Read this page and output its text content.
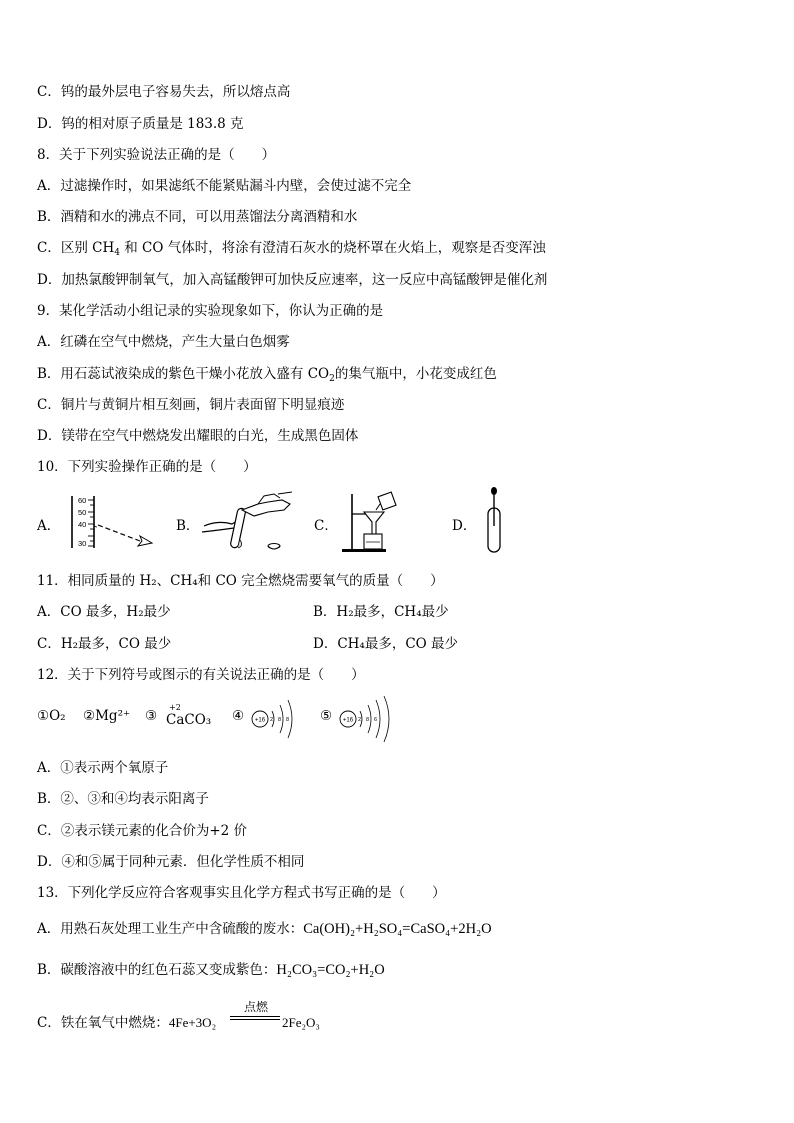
C．钨的最外层电子容易失去，所以熔点高
D．钨的相对原子质量是 183.8 克
8．关于下列实验说法正确的是（　　）
A．过滤操作时，如果滤纸不能紧贴漏斗内壁，会使过滤不完全
B．酒精和水的沸点不同，可以用蒸馏法分离酒精和水
C．区别 $CH_4$ 和 CO 气体时，将涂有澄清石灰水的烧杯罩在火焰上，观察是否变浑浊
D．加热氯酸钾制氧气，加入高锰酸钾可加快反应速率，这一反应中高锰酸钾是催化剂
9．某化学活动小组记录的实验现象如下，你认为正确的是
A．红磷在空气中燃烧，产生大量白色烟雾
B．用石蕊试液染成的紫色干燥小花放入盛有 $CO_2$的集气瓶中，小花变成红色
C．铜片与黄铜片相互刻画，铜片表面留下明显痕迹
D．镁带在空气中燃烧发出耀眼的白光，生成黑色固体
10．下列实验操作正确的是（　　）
A．
60
50
40
30
B．	C．	D．
11．相同质量的 H₂、CH₄和 CO 完全燃烧需要氧气的质量（　　）
A．CO 最多，H₂最少	B．H₂最多，CH₄最少
C．H₂最多，CO 最少	D．CH₄最多，CO 最少
12．关于下列符号或图示的有关说法正确的是（　　）
①O₂ ②Mg²⁺ ③
+2
CaCO₃ ④ +16 2 8 8 ⑤ +16 2 8 6
A．①表示两个氧原子
B．②、③和④均表示阳离子
C．②表示镁元素的化合价为+2 价
D．④和⑤属于同种元素．但化学性质不相同
13．下列化学反应符合客观事实且化学方程式书写正确的是（　　）
A．用熟石灰处理工业生产中含硫酸的废水：Ca(OH)₂+H₂SO₄=CaSO₄+2H₂O
B．碳酸溶液中的红色石蕊又变成紫色：H₂CO₃=CO₂+H₂O
C．铁在氧气中燃烧：4Fe+3O₂
点燃
2Fe₂O₃
